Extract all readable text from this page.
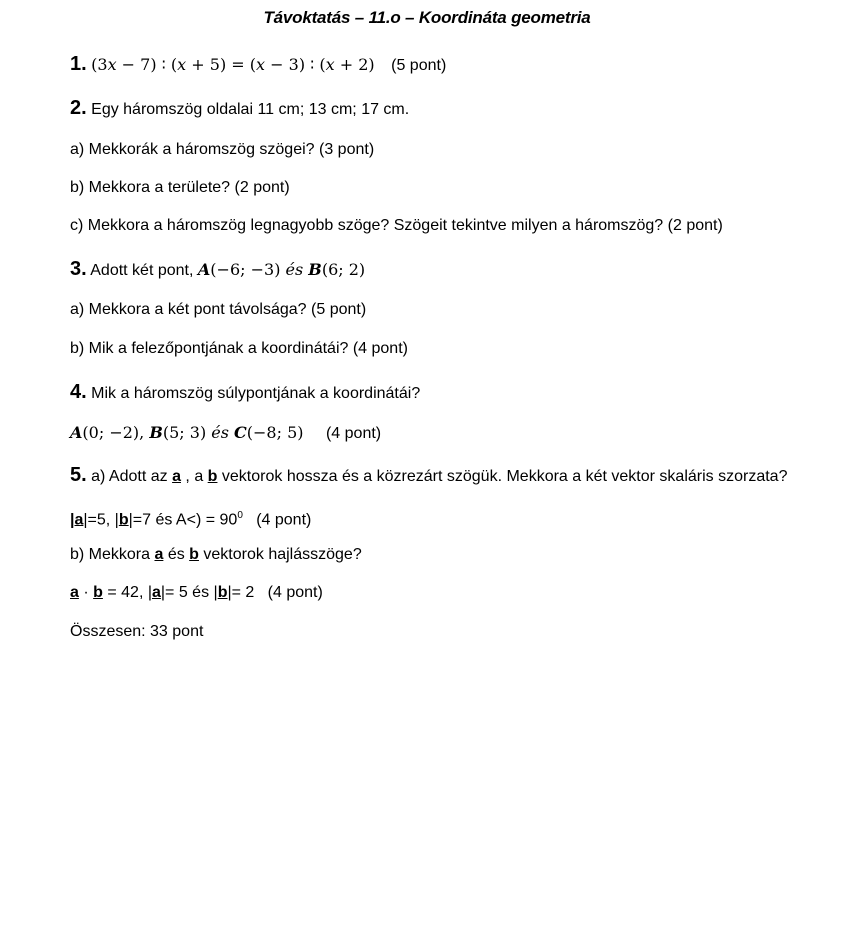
Távoktatás – 11.o – Koordináta geometria
1. (3x − 7) ∶ (x + 5) = (x − 3) ∶ (x + 2) (5 pont)
2. Egy háromszög oldalai 11 cm; 13 cm; 17 cm.
a) Mekkorák a háromszög szögei? (3 pont)
b) Mekkora a területe? (2 pont)
c) Mekkora a háromszög legnagyobb szöge? Szögeit tekintve milyen a háromszög? (2 pont)
3. Adott két pont, A(−6; −3) és B(6; 2)
a) Mekkora a két pont távolsága? (5 pont)
b) Mik a felezőpontjának a koordinátái? (4 pont)
4. Mik a háromszög súlypontjának a koordinátái?
A(0; −2), B(5; 3) és C(−8; 5) (4 pont)
5. a) Adott az a , a b vektorok hossza és a közrezárt szögük. Mekkora a két vektor skaláris szorzata?
|a|=5, |b|=7 és $A<) = 90^0$   (4 pont)
b) Mekkora a és b vektorok hajlásszöge?
a · b = 42, |a|= 5 és |b|= 2   (4 pont)
Összesen: 33 pont
